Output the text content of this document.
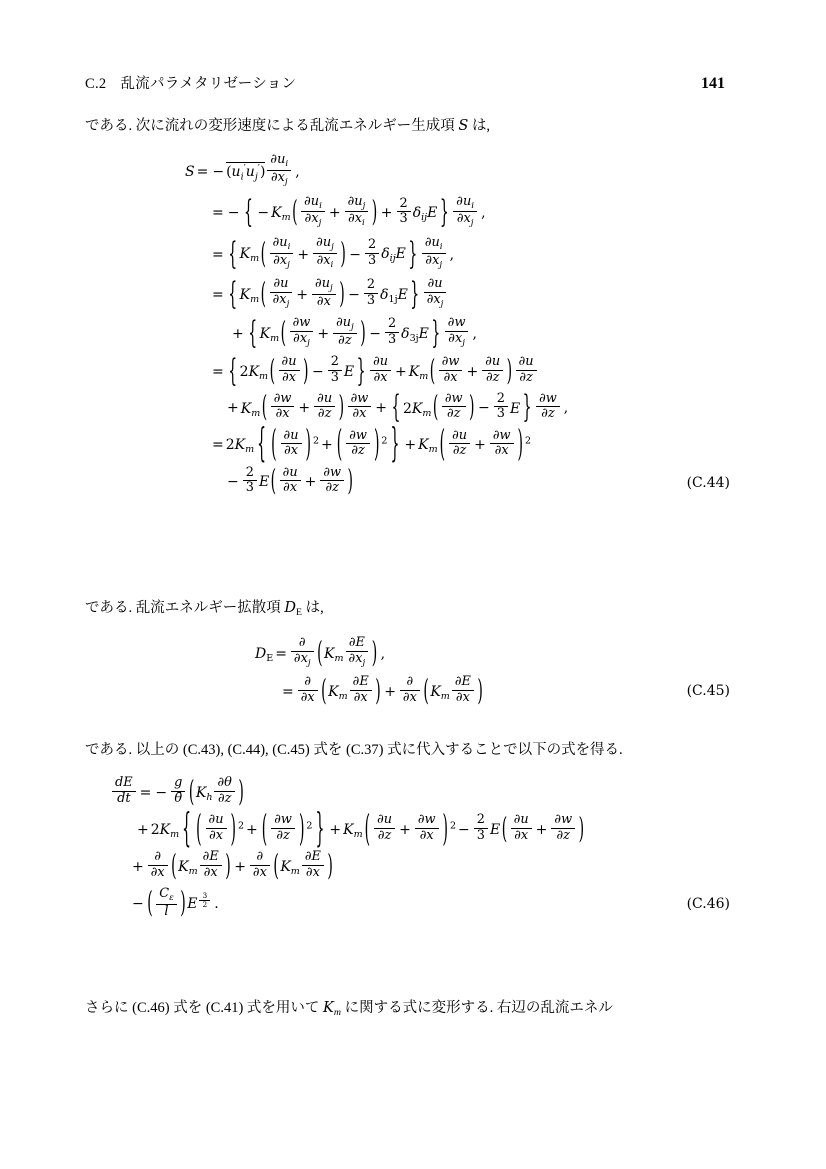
C.2 乱流パラメタリゼーション	141
である. 次に流れの変形速度による乱流エネルギー生成項 S は,
S = − $(u_i'u_j') \frac{\partial u_i}{\partial x_j}$ ,
= − { − $K_m$ ( $\frac{\partial u_i}{\partial x_j} + \frac{\partial u_j}{\partial x_i}$ ) + $\frac{2}{3} \delta_{ij}E$ } $\frac{\partial u_i}{\partial x_j}$ ,
= { $K_m$ ( $\frac{\partial u_i}{\partial x_j} + \frac{\partial u_j}{\partial x_i}$ ) − $\frac{2}{3} \delta_{ij}E$ } $\frac{\partial u_i}{\partial x_j}$ ,
= { $K_m$ ( $\frac{\partial u}{\partial x_j} + \frac{\partial u_j}{\partial x}$ ) − $\frac{2}{3} \delta_{1j}E$ } $\frac{\partial u}{\partial x_j}$
+ { $K_m$ ( $\frac{\partial w}{\partial x_j} + \frac{\partial u_j}{\partial z}$ ) − $\frac{2}{3} \delta_{3j}E$ } $\frac{\partial w}{\partial x_j}$ ,
= { $2K_m$ ( $\frac{\partial u}{\partial x}$ ) − $\frac{2}{3}$ E } $\frac{\partial u}{\partial x} + K_m$ ( $\frac{\partial w}{\partial x} + \frac{\partial u}{\partial z}$ ) $\frac{\partial u}{\partial z}$
+ $K_m$ ( $\frac{\partial w}{\partial x} + \frac{\partial u}{\partial z}$ ) $\frac{\partial w}{\partial x}$ + { $2K_m$ ( $\frac{\partial w}{\partial z}$ ) − $\frac{2}{3}$ E } $\frac{\partial w}{\partial z}$ ,
= $2K_m$ { ( $\frac{\partial u}{\partial x}$ ) $^2$ + ( $\frac{\partial w}{\partial z}$ ) $^2$ } + $K_m$ ( $\frac{\partial u}{\partial z} + \frac{\partial w}{\partial x}$ ) $^2$
− $\frac{2}{3}$ E ( $\frac{\partial u}{\partial x} + \frac{\partial w}{\partial z}$ )	(C.44)
である. 乱流エネルギー拡散項 $D_E$ は,
$D_E = \frac{\partial}{\partial x_j}$ ( $K_m \frac{\partial E}{\partial x_j}$ ) ,
= $\frac{\partial}{\partial x}$ ( $K_m \frac{\partial E}{\partial x}$ ) + $\frac{\partial}{\partial x}$ ( $K_m \frac{\partial E}{\partial x}$ )	(C.45)
である. 以上の (C.43), (C.44), (C.45) 式を (C.37) 式に代入することで以下の式を得る.
$\frac{dE}{dt}$ = − $\frac{g}{\thetā}$ ( $K_h \frac{\partial\theta}{\partial z}$ )
+ $2K_m$ { ( $\frac{\partial u}{\partial x}$ ) $^2$ + ( $\frac{\partial w}{\partial z}$ ) $^2$ } + $K_m$ ( $\frac{\partial u}{\partial z} + \frac{\partial w}{\partial x}$ ) $^2 - \frac{2}{3}$ E ( $\frac{\partial u}{\partial x} + \frac{\partial w}{\partial z}$ )
+ $\frac{\partial}{\partial x}$ ( $K_m \frac{\partial E}{\partial x}$ ) + $\frac{\partial}{\partial x}$ ( $K_m \frac{\partial E}{\partial x}$ )
− ( $\frac{C_\varepsilon}{l}$ ) E $^{\frac{3}{2}}$ .	(C.46)
さらに (C.46) 式を (C.41) 式を用いて $K_m$ に関する式に変形する. 右辺の乱流エネル
